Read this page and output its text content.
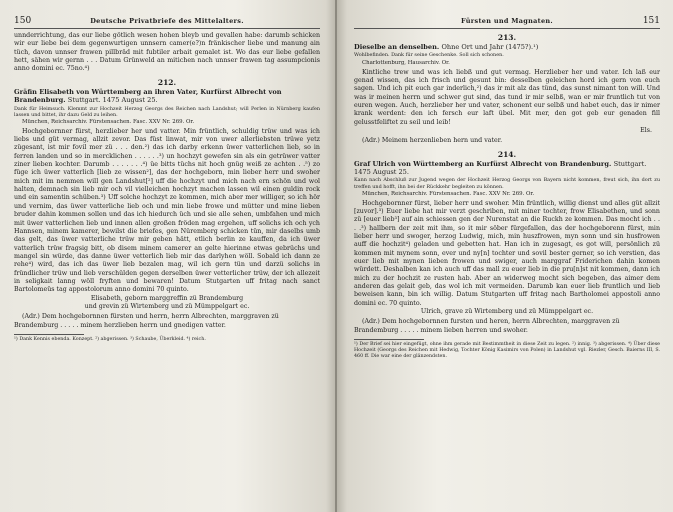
150	Deutsche Privatbriefe des Mittelalters.

unnderrichtung, das eur liebe götlich wesen hohen bleyb und gevallen habe: darumb schicken wir eur liebe bei dem gegenwurtigen unnsern camer(e?)n fränkischer liebe und manung ain tüch, davon unnser frawen pillbräd mit fubtiler arbait gemalet ist. Wo das eur liebe gefallen hett, sähen wir gernn . . . Datum Grünweld an mitichen nach unnser frawen tag assumpcionis anno domini ec. 75no.⁴)

212.

Gräfin Elisabeth von Württemberg an ihren Vater, Kurfürst Albrecht von Brandenburg. Stuttgart. 1475 August 25.

Dank für Heimsuch. Klemmt zur Hochzeit Herzog Georgs des Reichen nach Landshut; will Perlen in Nürnberg kaufen lassen und bittet, ihr dazu Geld zu leihen.

München, Reichsarchiv. Fürstensachen. Fasc. XXV Nr. 269. Or.

Hochgebornner fürst, herzlieber her und vatter. Min früntlich, schuldig trüw und was ich liebs und güt vermag, allzit zevor. Das füst linwat, mir von uwer allerliebsten trüwe yetz zügesant, ist mir fovil mer zü . . . den.²) das ich darby erkenn üwer vatterlichen lieb, so in ferren landen und so in mercklichen . . . . . .³) un hochzyt gewefen sin als ein getrüwer vatter ziner lieben kochter. Darumb . . . . . . .⁴) üe bitts tüchs nit hoch gnüg weiß ze achten . .⁵) zo füge ich üwer vatterlich [lieb ze wissen²], das der hochgeborn, min lieber herr und swoher mich mit im nemmen will gen Landshut[²] uff die hochzyt und mich nach ern schön und wol halten, demnach sin lieb mir och vil vielleichen hochzyt machen lassen wil einen guldin rock und ein samentin schüben.³) Uff solche hochzyt ze kommen, mich aber mer williger, so ich hör und vernim, das üwer vatterliche lieb och und min liebe frowe und mütter und mine lieben bruder dahin kommen sollen und das ich hiedurch üch und sie alle sehen, umbfahen und mich mit üwer vatterlichen lieb und innen allen großen fröden mag ergehen, uff solichs ich och ych Hannsen, minem kamerer, bewilst die briefes, gen Nüremberg schicken tün, mir daselbs umb das gelt, das üwer vatterliche trüw mir geben hätt, etlich berlin ze kauffen, da ich üwer vatterlich trüw fragsig bitt, ob disem minem camerer an gelte hierinne etwas gebrüchs und mangel sin würde, das danne üwer vetterlich lieb mir das darlyhen wöll. Sobald ich dann ze rehe⁴) wird, das ich das üwer lieb bezalen mag, wil ich gern tün und darzü solichs in fründlicher trüw und lieb verschülden gegen derselben üwer vetterlicher trüw, der ich allezeit in seligkait lanng wöll fryften und bewaren! Datum Stutgarten uff fritag nach sanct Bartolomeüs tag appostolorum anno domini 70 quinto.

Elisabeth, geborn marggreffin zü Brandemburg

und grevin zü Wirtemberg und zü Mümppelgart ec.

(Adr.) Dem hochgebornnen fürsten und herrn, herrn Albrechten, marggraven zü Brandemburg . . . . . minem herzlieben herrn und gnedigen vatter.

¹) Dank Kennis ebenda. Konzept. ²) abgerissen. ³) Schaube, Überkleid. ⁴) reich.

Fürsten und Magnaten.	151
213.

Dieselbe an denselben. Ohne Ort und Jahr (1475?).¹)

Wohlbefinden. Dank für seine Geschenke. Soll sich schonen.

Charlottenburg, Hausarchiv. Or.

Kintliche trew und was ich liebß und gut vermag. Herzlieber her und vater. Ich laß eur genad wissen, das ich frisch und gesunt bin: desselben geleichen hord ich gern von euch sagen. Und ich pit euch gar inderlich,²) das ir mit alz das tünd, das sunst nimant ton will. Und was ir meinen herrn und schwer gut sind, das tund ir mir selbß, wan er mir fruntlich tut von euren wegen. Auch, herzlieber her und vater, schonent eur selbß und habet euch, das ir nimer krank werdent: den ich fersch eur laft übel. Mit mer, den got geb eur genaden fill gelusstfeliftet zu seil und leib!

Els.

(Adr.) Meinem herzenlieben hern und vater.

214.

Graf Ulrich von Württemberg an Kurfürst Albrecht von Brandenburg. Stuttgart. 1475 August 25.

Kann nach Abschluß zur Jugend wegen der Hochzeit Herzog Georgs von Bayern nicht kommen, freut sich, ihn dort zu treffen und hofft, ihn bei der Rückkehr begleiten zu können.

München, Reichsarchiv. Fürstensachen. Fasc. XXV Nr. 269. Or.

Hochgebornner fürst, lieber herr und swoher. Min früntlich, willig dienst und alles güt allzit [zuvor].³) Euer liebe hat mir verzt geschriben, mit miner tochter, frow Elisabethen, und sonn zü [euer lieb³] auf ain schiessen gen der Nurenstat an die Ruckh ze kommen. Das mocht ich . . . .³) hallbern der zeit mit ihm, so it mir söber fürgefallen, das der hochgeborenn fürst, min lieber herr und swoger, herzog Ludwig, mich, min huszfrowen, myn sonn und sin husfrowen auff die hochzit⁴) geladen und gebetten hat. Han ich in zugesagt, es got will, persönlich zü kommen mit mynem sonn, ever und ny[n] tochter und sovil bester gerner, so ich verstien, das euer lieb mit mynen lieben frowen und swiger, auch marggraf Friderichen dahin komen würdett. Deshalben kan ich auch uff das mall zu euer lieb in die pru[n]st nit kommen, dann ich mich zu der hochzit ze rusten hab. Aber an widerweg mocht sich begeben, das aimer dem anderen das gelait geb, das wol ich mit vermeiden. Darumb kan euer lieb fruntlich und lieb beweisen kann, bin ich willig. Datum Stutgarten uff fritag nach Bartholomei appostoli anno domini ec. 70 quinto.

Ulrich, grave zü Wirtemberg und zü Mümppelgart ec.

(Adr.) Dem hochgebornnen fursten und heren, herrn Albrechten, marggraven zü Brandemburg . . . . . minem lieben herren und swoher.

¹) Der Brief sei hier eingefügt, ohne ihm gerade mit Bestimmtheit in diese Zeit zu legen. ²) innig. ³) abgerissen. ⁴) Über diese Hochzeit (Georgs des Reichen mit Hedwig, Tochter König Kasimirs von Polen) in Landshut vgl. Riezler, Gesch. Baierns III, S. 460 ff. Die war eine der glänzendsten.
